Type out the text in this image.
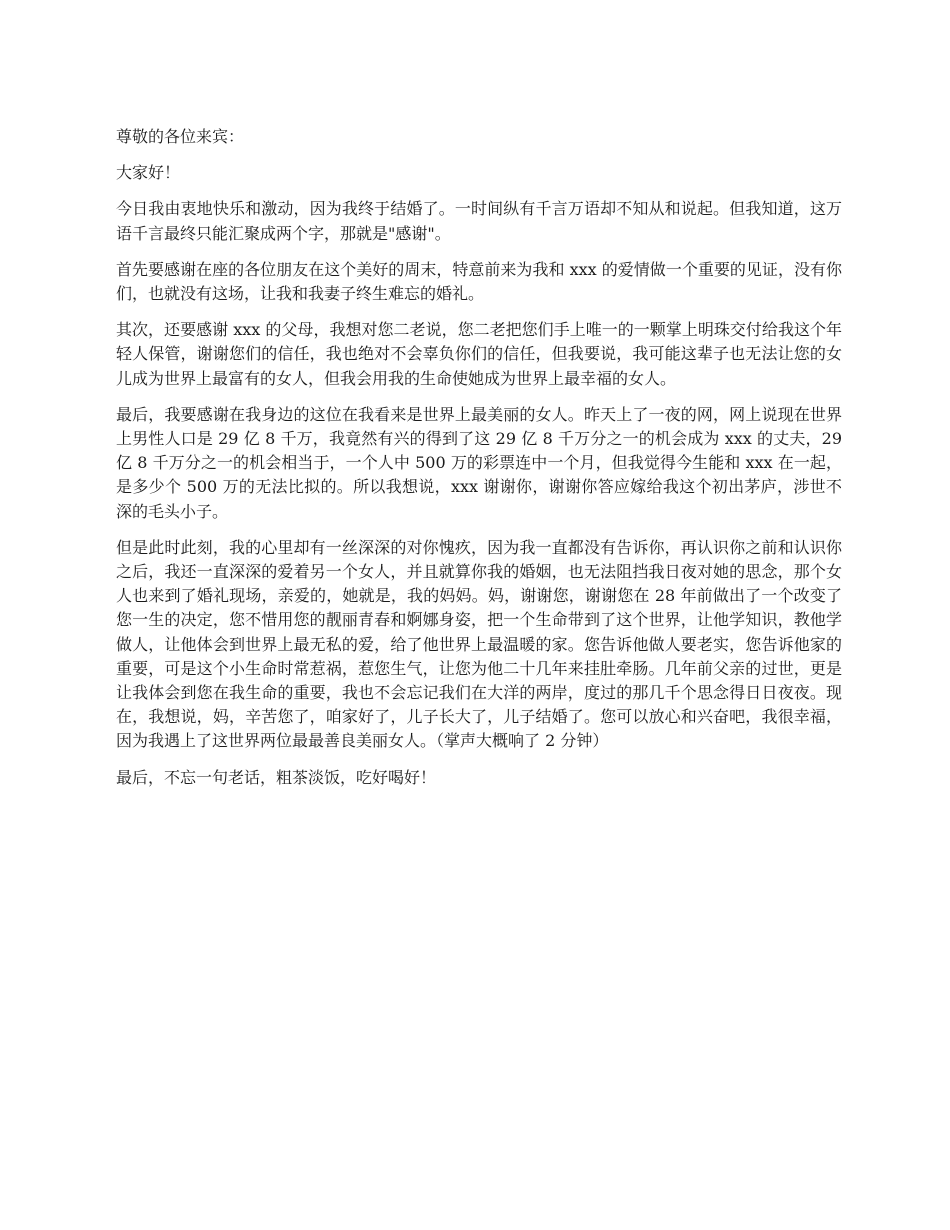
尊敬的各位来宾：

大家好！

今日我由衷地快乐和激动，因为我终于结婚了。一时间纵有千言万语却不知从和说起。但我知道，这万语千言最终只能汇聚成两个字，那就是"感谢"。

首先要感谢在座的各位朋友在这个美好的周末，特意前来为我和 xxx 的爱情做一个重要的见证，没有你们，也就没有这场，让我和我妻子终生难忘的婚礼。

其次，还要感谢 xxx 的父母，我想对您二老说，您二老把您们手上唯一的一颗掌上明珠交付给我这个年轻人保管，谢谢您们的信任，我也绝对不会辜负你们的信任，但我要说，我可能这辈子也无法让您的女儿成为世界上最富有的女人，但我会用我的生命使她成为世界上最幸福的女人。

最后，我要感谢在我身边的这位在我看来是世界上最美丽的女人。昨天上了一夜的网，网上说现在世界上男性人口是 29 亿 8 千万，我竟然有兴的得到了这 29 亿 8 千万分之一的机会成为 xxx 的丈夫，29 亿 8 千万分之一的机会相当于，一个人中 500 万的彩票连中一个月，但我觉得今生能和 xxx 在一起，是多少个 500 万的无法比拟的。所以我想说，xxx 谢谢你，谢谢你答应嫁给我这个初出茅庐，涉世不深的毛头小子。

但是此时此刻，我的心里却有一丝深深的对你愧疚，因为我一直都没有告诉你，再认识你之前和认识你之后，我还一直深深的爱着另一个女人，并且就算你我的婚姻，也无法阻挡我日夜对她的思念，那个女人也来到了婚礼现场，亲爱的，她就是，我的妈妈。妈，谢谢您，谢谢您在 28 年前做出了一个改变了您一生的决定，您不惜用您的靓丽青春和婀娜身姿，把一个生命带到了这个世界，让他学知识，教他学做人，让他体会到世界上最无私的爱，给了他世界上最温暖的家。您告诉他做人要老实，您告诉他家的重要，可是这个小生命时常惹祸，惹您生气，让您为他二十几年来挂肚牵肠。几年前父亲的过世，更是让我体会到您在我生命的重要，我也不会忘记我们在大洋的两岸，度过的那几千个思念得日日夜夜。现在，我想说，妈，辛苦您了，咱家好了，儿子长大了，儿子结婚了。您可以放心和兴奋吧，我很幸福，因为我遇上了这世界两位最最善良美丽女人。（掌声大概响了 2 分钟）

最后，不忘一句老话，粗茶淡饭，吃好喝好！
